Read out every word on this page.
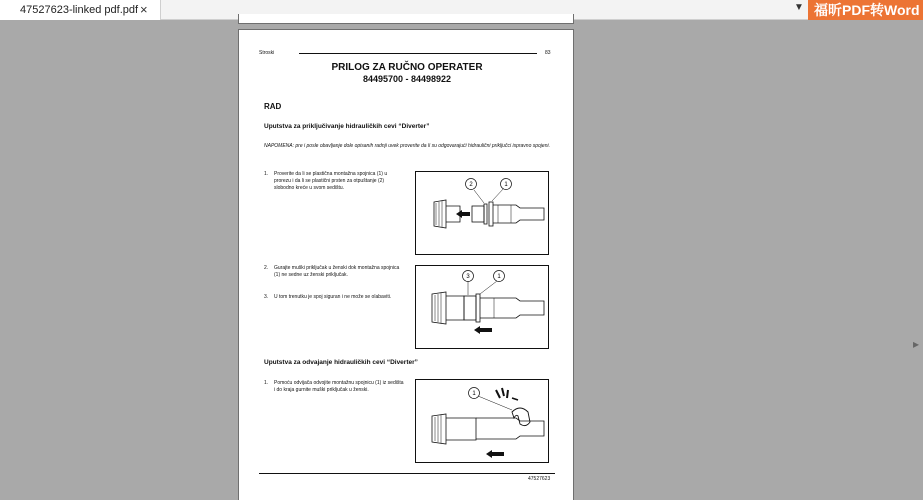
47527623-linked pdf.pdf ×	▼ 福昕PDF转Word
▸
Stroski	83
PRILOG ZA RUČNO OPERATER
84495700 - 84498922
RAD
Uputstva za priključivanje hidrauličkih cevi “Diverter”
NAPOMENA: pre i posle obavljanje dole opisanih radnji uvek proverite da li su odgovarajući hidraulični priključci ispravno spojeni.
1. Proverite da li se plastična montažna spojnica (1) u prorezu i da li se plastični prsten za otpuštanje (2) slobodno kreće u svom sedištu.
2. Gurajte muški priključak u ženski dok montažna spojnica (1) ne sedne uz ženski priključak.
3. U tom trenutku je spoj siguran i ne može se olabaviti.
2	1
3	1
Uputstva za odvajanje hidrauličkih cevi “Diverter”
1. Pomoću odvijača odvojite montažnu spojnicu (1) iz sedišta i do kraja gurnite muški priključak u ženski.
1
47527623
